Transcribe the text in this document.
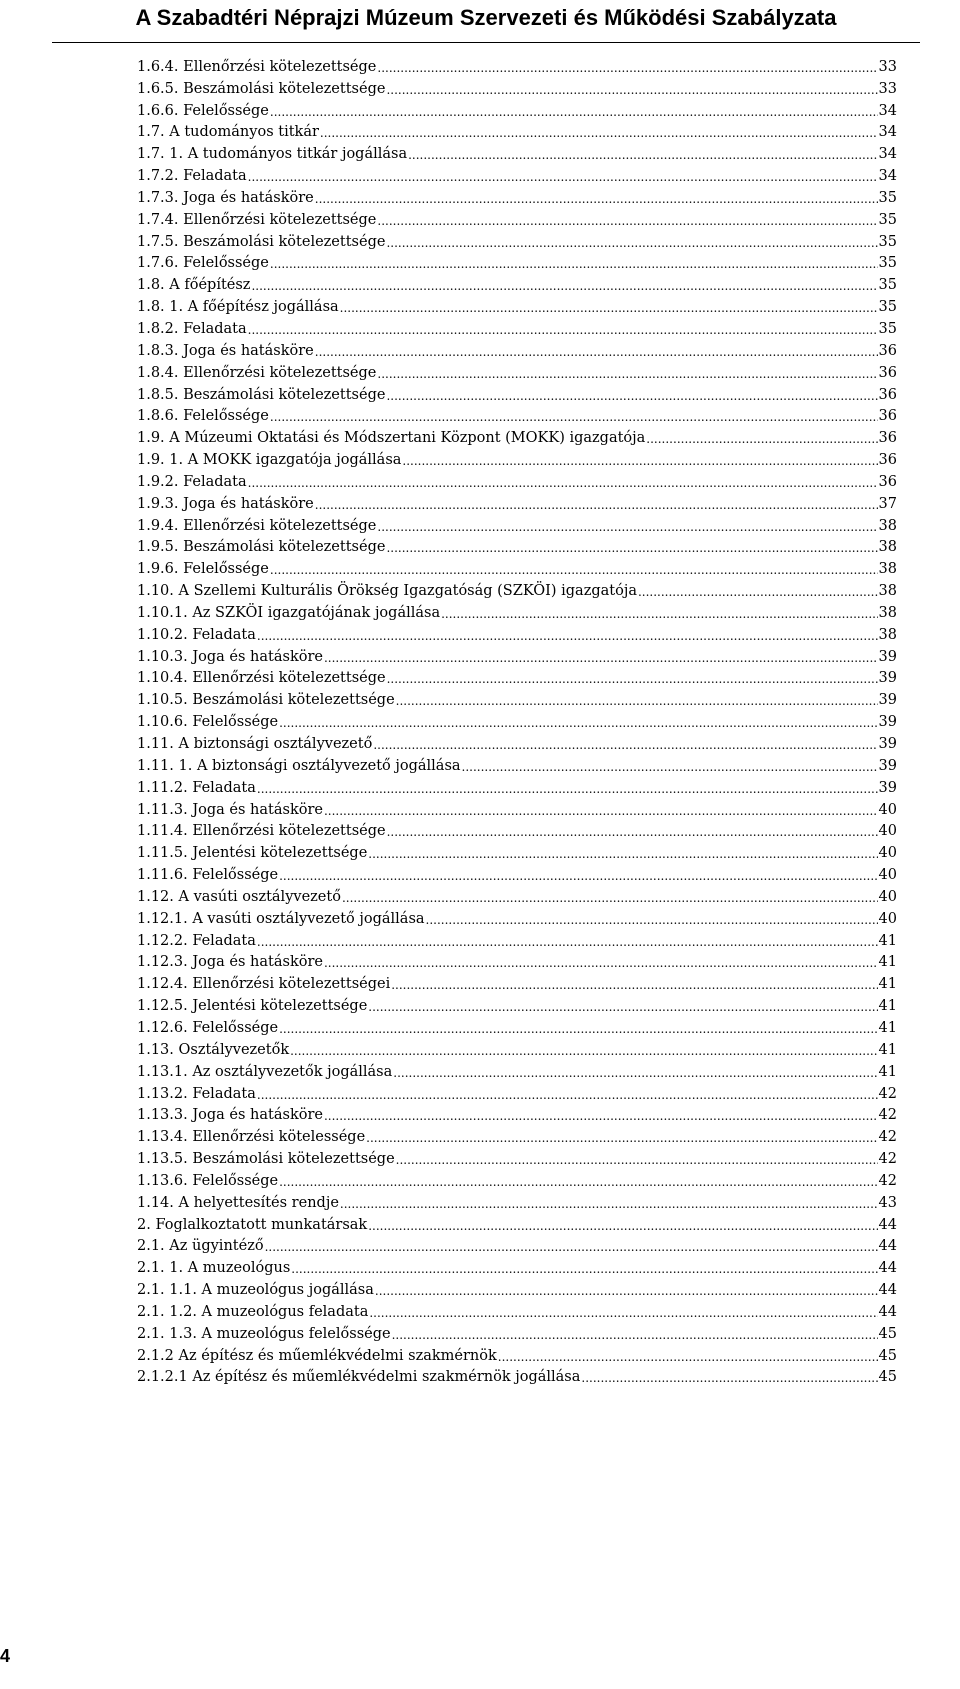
A Szabadtéri Néprajzi Múzeum Szervezeti és Működési Szabályzata
1.6.4. Ellenőrzési kötelezettsége .....	33
1.6.5. Beszámolási kötelezettsége .....	33
1.6.6. Felelőssége .....	34
1.7. A tudományos titkár .....	34
1.7. 1. A tudományos titkár jogállása .....	34
1.7.2. Feladata .....	34
1.7.3. Joga és hatásköre .....	35
1.7.4. Ellenőrzési kötelezettsége .....	35
1.7.5. Beszámolási kötelezettsége .....	35
1.7.6. Felelőssége .....	35
1.8. A főépítész .....	35
1.8. 1. A főépítész jogállása .....	35
1.8.2. Feladata .....	35
1.8.3. Joga és hatásköre .....	36
1.8.4. Ellenőrzési kötelezettsége .....	36
1.8.5. Beszámolási kötelezettsége .....	36
1.8.6. Felelőssége .....	36
1.9. A Múzeumi Oktatási és Módszertani Központ (MOKK) igazgatója .....	36
1.9. 1. A MOKK igazgatója jogállása .....	36
1.9.2. Feladata .....	36
1.9.3. Joga és hatásköre .....	37
1.9.4. Ellenőrzési kötelezettsége .....	38
1.9.5. Beszámolási kötelezettsége .....	38
1.9.6. Felelőssége .....	38
1.10. A Szellemi Kulturális Örökség Igazgatóság (SZKÖI) igazgatója .....	38
1.10.1. Az SZKÖI igazgatójának jogállása .....	38
1.10.2. Feladata .....	38
1.10.3. Joga és hatásköre .....	39
1.10.4. Ellenőrzési kötelezettsége .....	39
1.10.5. Beszámolási kötelezettsége .....	39
1.10.6. Felelőssége .....	39
1.11. A biztonsági osztályvezető .....	39
1.11. 1. A biztonsági osztályvezető jogállása .....	39
1.11.2. Feladata .....	39
1.11.3. Joga és hatásköre .....	40
1.11.4. Ellenőrzési kötelezettsége .....	40
1.11.5. Jelentési kötelezettsége .....	40
1.11.6. Felelőssége .....	40
1.12. A vasúti osztályvezető .....	40
1.12.1. A vasúti osztályvezető jogállása .....	40
1.12.2. Feladata .....	41
1.12.3. Joga és hatásköre .....	41
1.12.4. Ellenőrzési kötelezettségei .....	41
1.12.5. Jelentési kötelezettsége .....	41
1.12.6. Felelőssége .....	41
1.13. Osztályvezetők .....	41
1.13.1. Az osztályvezetők jogállása .....	41
1.13.2. Feladata .....	42
1.13.3. Joga és hatásköre .....	42
1.13.4. Ellenőrzési kötelessége .....	42
1.13.5. Beszámolási kötelezettsége .....	42
1.13.6. Felelőssége .....	42
1.14. A helyettesítés rendje .....	43
2. Foglalkoztatott munkatársak .....	44
2.1. Az ügyintéző .....	44
2.1. 1. A muzeológus .....	44
2.1. 1.1. A muzeológus jogállása .....	44
2.1. 1.2. A muzeológus feladata .....	44
2.1. 1.3. A muzeológus felelőssége .....	45
2.1.2 Az építész és műemlékvédelmi szakmérnök .....	45
2.1.2.1 Az építész és műemlékvédelmi szakmérnök jogállása .....	45
4
